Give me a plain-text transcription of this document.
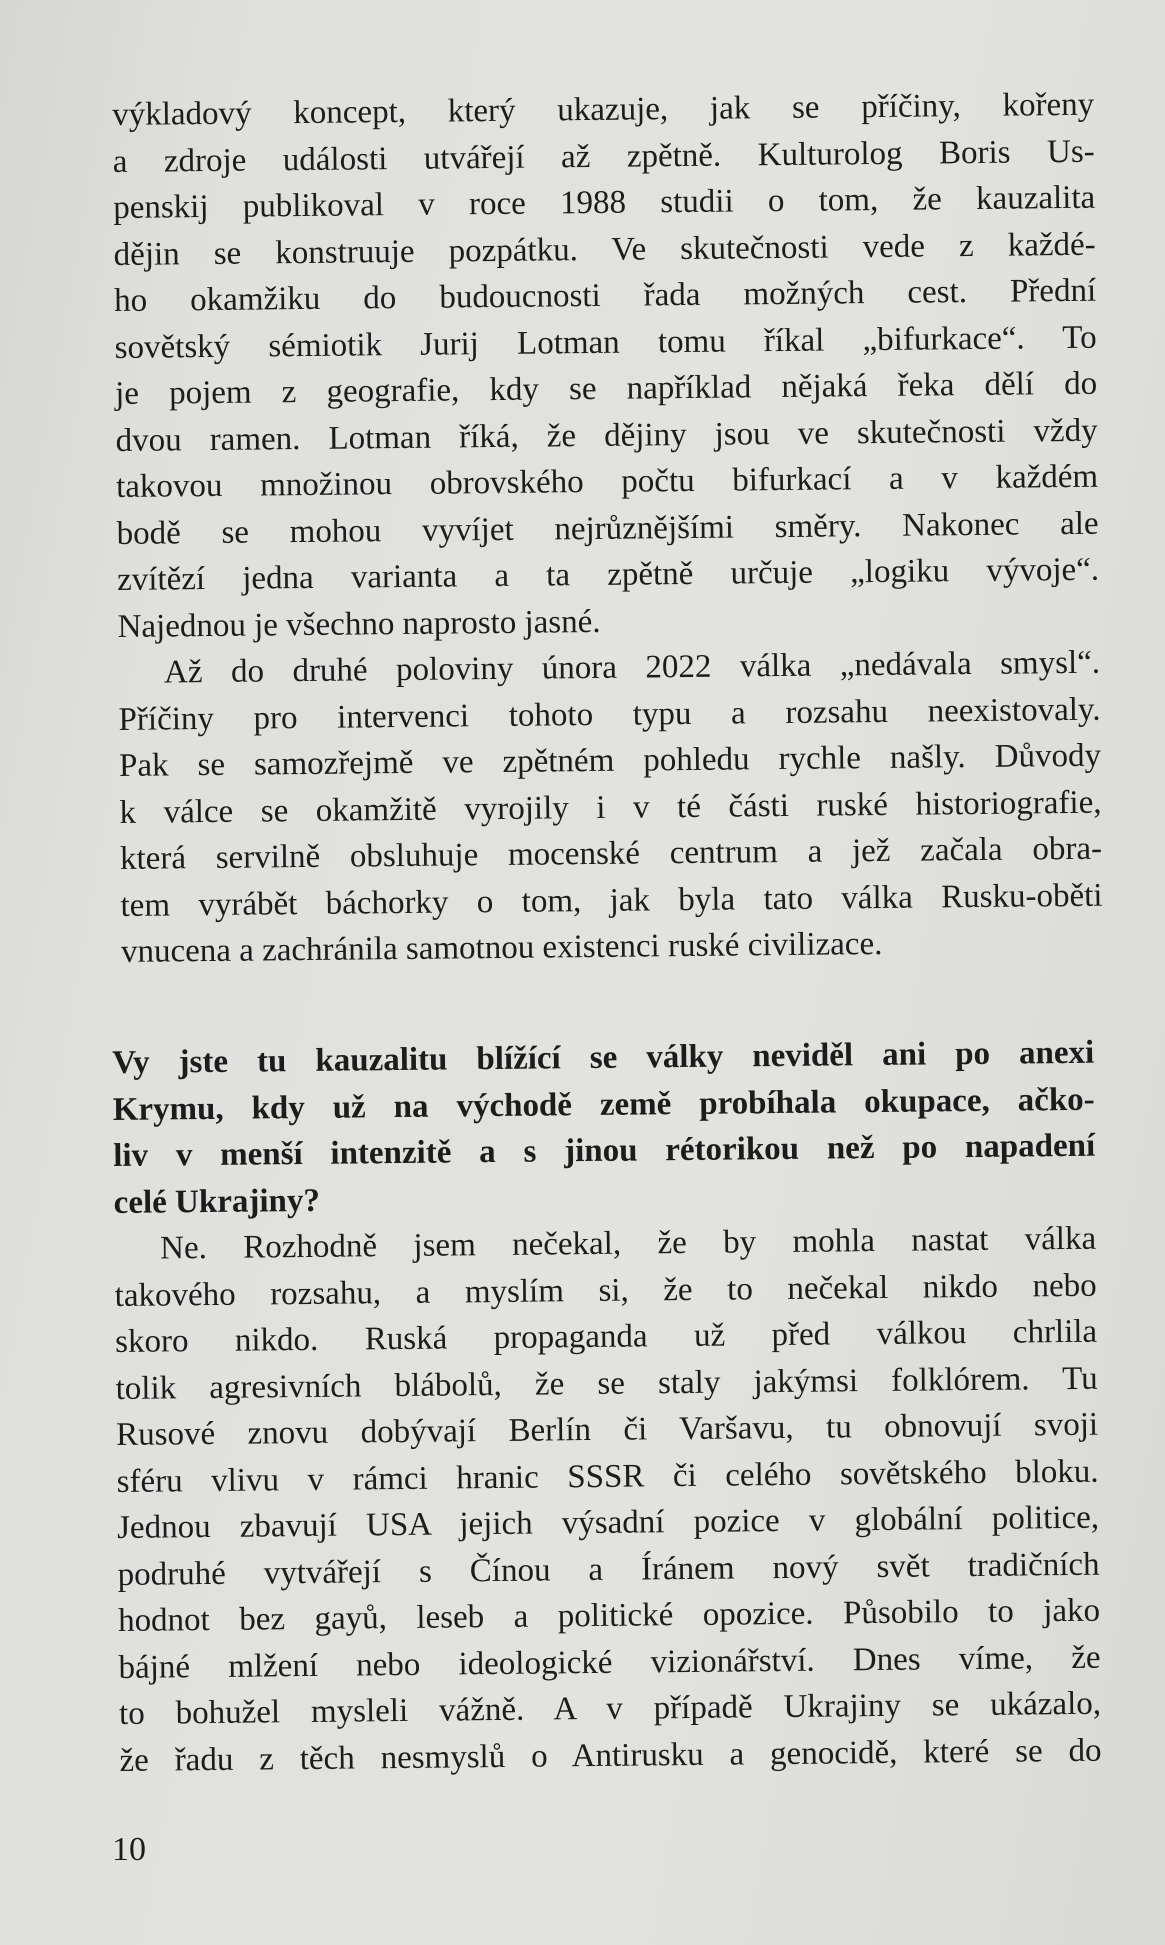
výkladový koncept, který ukazuje, jak se příčiny, kořeny
a zdroje události utvářejí až zpětně. Kulturolog Boris Us-
penskij publikoval v roce 1988 studii o tom, že kauzalita
dějin se konstruuje pozpátku. Ve skutečnosti vede z každé-
ho okamžiku do budoucnosti řada možných cest. Přední
sovětský sémiotik Jurij Lotman tomu říkal „bifurkace“. To
je pojem z geografie, kdy se například nějaká řeka dělí do
dvou ramen. Lotman říká, že dějiny jsou ve skutečnosti vždy
takovou množinou obrovského počtu bifurkací a v každém
bodě se mohou vyvíjet nejrůznějšími směry. Nakonec ale
zvítězí jedna varianta a ta zpětně určuje „logiku vývoje“.
Najednou je všechno naprosto jasné.
Až do druhé poloviny února 2022 válka „nedávala smysl“.
Příčiny pro intervenci tohoto typu a rozsahu neexistovaly.
Pak se samozřejmě ve zpětném pohledu rychle našly. Důvody
k válce se okamžitě vyrojily i v té části ruské historiografie,
která servilně obsluhuje mocenské centrum a jež začala obra-
tem vyrábět báchorky o tom, jak byla tato válka Rusku-oběti
vnucena a zachránila samotnou existenci ruské civilizace.
Vy jste tu kauzalitu blížící se války neviděl ani po anexi
Krymu, kdy už na východě země probíhala okupace, ačko-
liv v menší intenzitě a s jinou rétorikou než po napadení
celé Ukrajiny?
Ne. Rozhodně jsem nečekal, že by mohla nastat válka
takového rozsahu, a myslím si, že to nečekal nikdo nebo
skoro nikdo. Ruská propaganda už před válkou chrlila
tolik agresivních blábolů, že se staly jakýmsi folklórem. Tu
Rusové znovu dobývají Berlín či Varšavu, tu obnovují svoji
sféru vlivu v rámci hranic SSSR či celého sovětského bloku.
Jednou zbavují USA jejich výsadní pozice v globální politice,
podruhé vytvářejí s Čínou a Íránem nový svět tradičních
hodnot bez gayů, leseb a politické opozice. Působilo to jako
bájné mlžení nebo ideologické vizionářství. Dnes víme, že
to bohužel mysleli vážně. A v případě Ukrajiny se ukázalo,
že řadu z těch nesmyslů o Antirusku a genocidě, které se do
10
